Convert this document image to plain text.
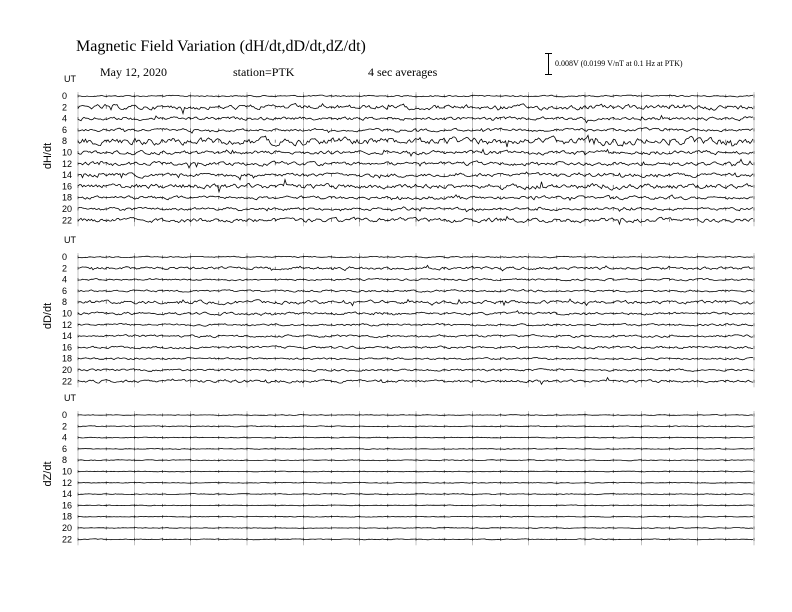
Magnetic Field Variation (dH/dt,dD/dt,dZ/dt)
May 12, 2020	station=PTK	4 sec averages
0.008V (0.0199 V/nT at 0.1 Hz at PTK)
UT
UT
UT
dH/dt
dD/dt
dZ/dt
0
2
4
6
8
10
12
14
16
18
20
22
0
2
4
6
8
10
12
14
16
18
20
22
0
2
4
6
8
10
12
14
16
18
20
22
